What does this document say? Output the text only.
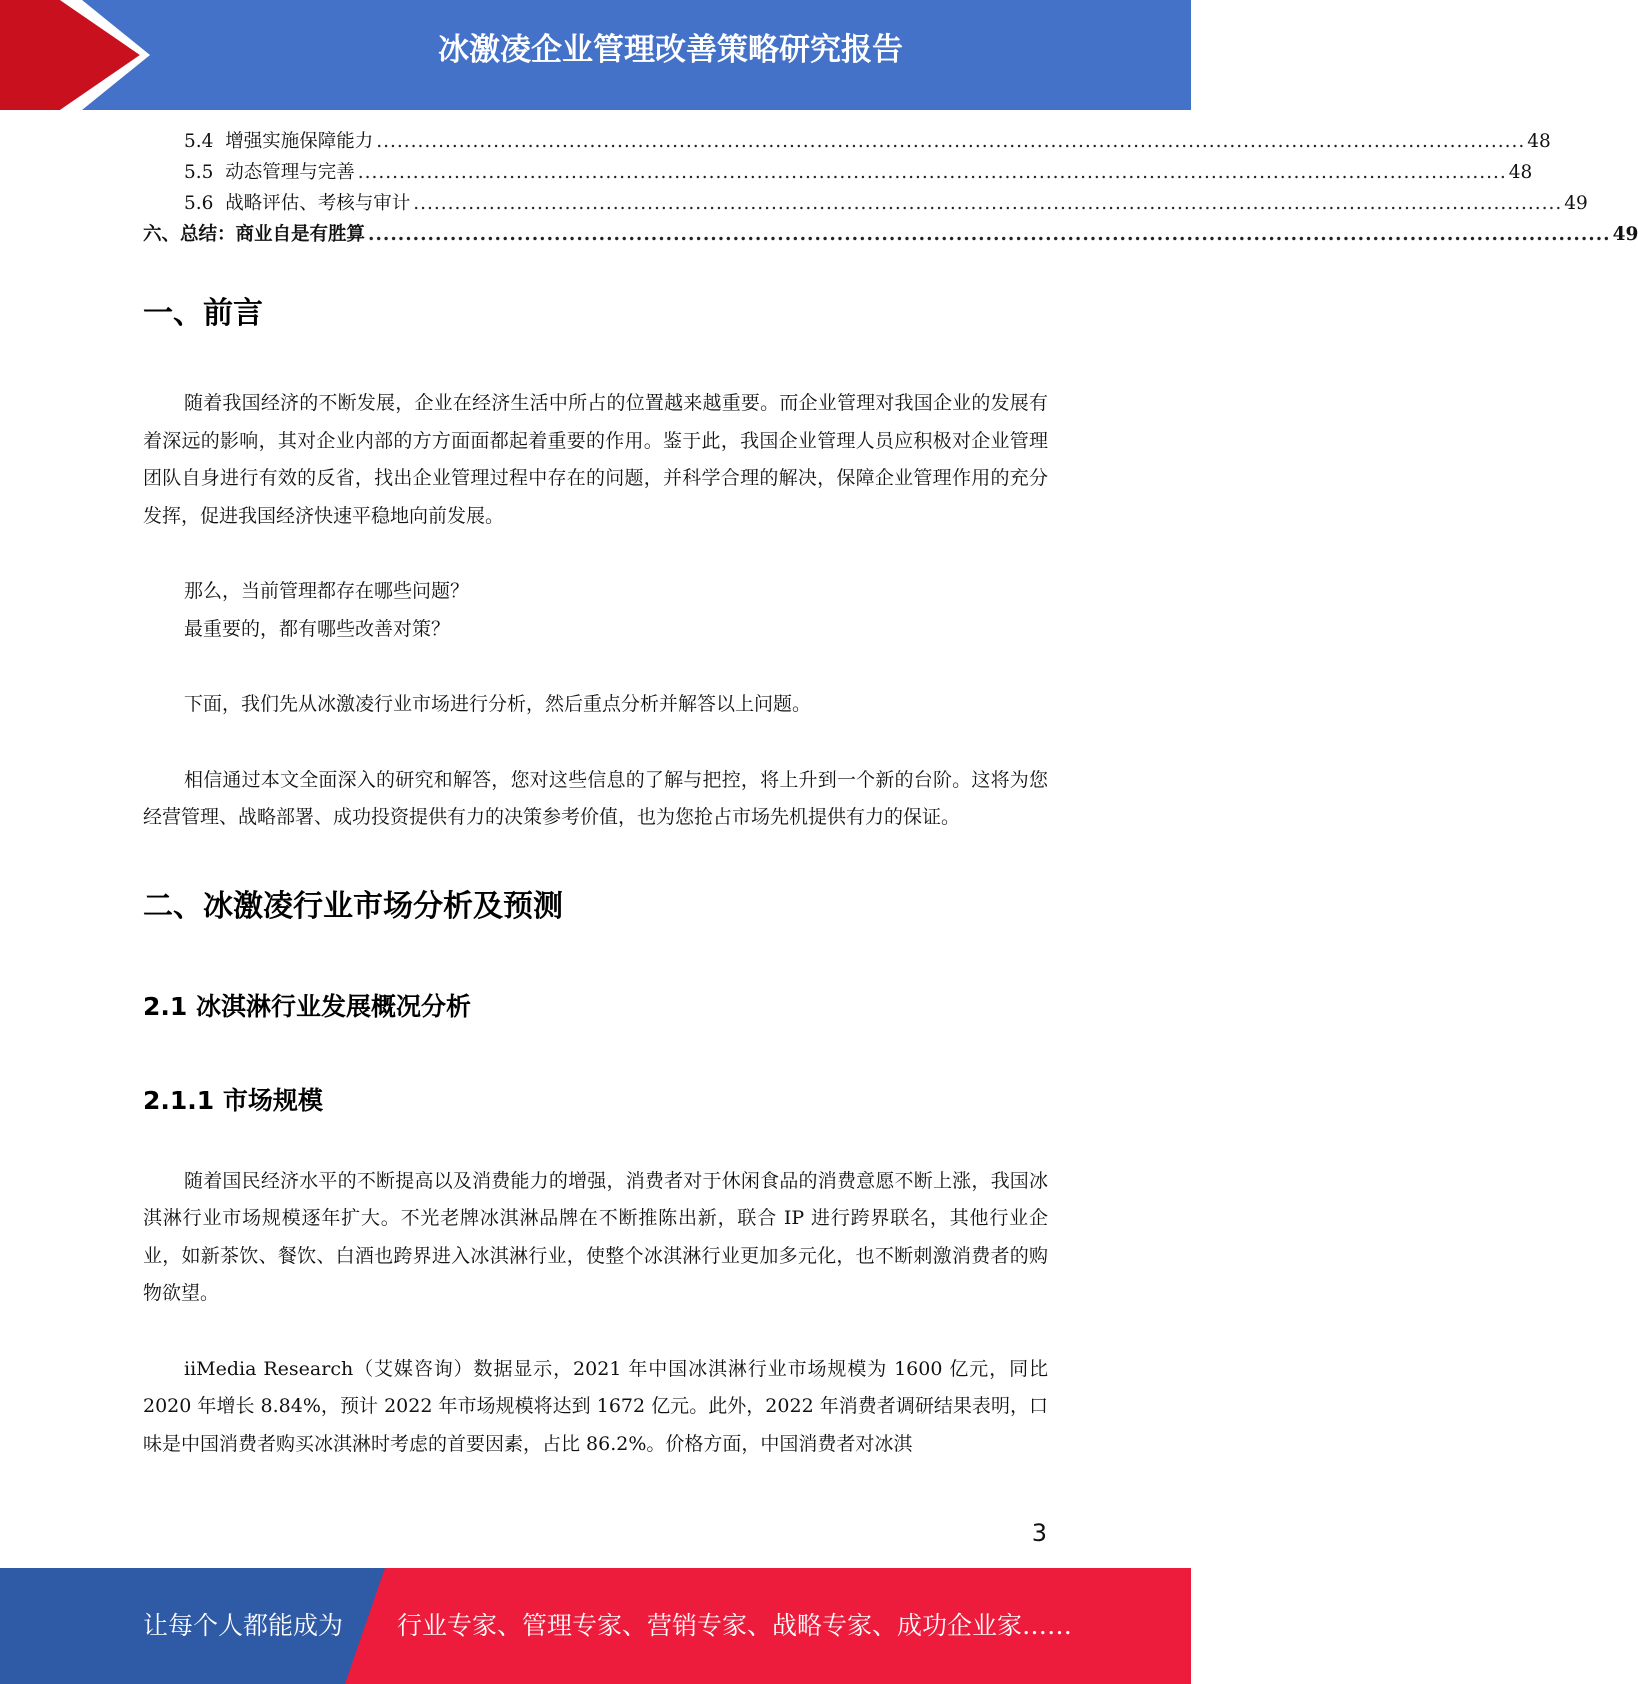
冰激凌企业管理改善策略研究报告
5.4 增强实施保障能力 ....................................................................................................................................................................... 48
5.5 动态管理与完善 ....................................................................................................................................................................... 48
5.6 战略评估、考核与审计 ....................................................................................................................................................................... 49
六、总结：商业自是有胜算 ....................................................................................................................................................................... 49
一、前言

随着我国经济的不断发展，企业在经济生活中所占的位置越来越重要。而企业管理对我国企业的发展有着深远的影响，其对企业内部的方方面面都起着重要的作用。鉴于此，我国企业管理人员应积极对企业管理团队自身进行有效的反省，找出企业管理过程中存在的问题，并科学合理的解决，保障企业管理作用的充分发挥，促进我国经济快速平稳地向前发展。

那么，当前管理都存在哪些问题？

最重要的，都有哪些改善对策？

下面，我们先从冰激凌行业市场进行分析，然后重点分析并解答以上问题。

相信通过本文全面深入的研究和解答，您对这些信息的了解与把控，将上升到一个新的台阶。这将为您经营管理、战略部署、成功投资提供有力的决策参考价值，也为您抢占市场先机提供有力的保证。

二、冰激凌行业市场分析及预测
2.1 冰淇淋行业发展概况分析
2.1.1 市场规模

随着国民经济水平的不断提高以及消费能力的增强，消费者对于休闲食品的消费意愿不断上涨，我国冰淇淋行业市场规模逐年扩大。不光老牌冰淇淋品牌在不断推陈出新，联合 IP 进行跨界联名，其他行业企业，如新茶饮、餐饮、白酒也跨界进入冰淇淋行业，使整个冰淇淋行业更加多元化，也不断刺激消费者的购物欲望。

iiMedia Research（艾媒咨询）数据显示，2021 年中国冰淇淋行业市场规模为 1600 亿元，同比 2020 年增长 8.84%，预计 2022 年市场规模将达到 1672 亿元。此外，2022 年消费者调研结果表明，口味是中国消费者购买冰淇淋时考虑的首要因素，占比 86.2%。价格方面，中国消费者对冰淇

3
让每个人都能成为 行业专家、管理专家、营销专家、战略专家、成功企业家……
